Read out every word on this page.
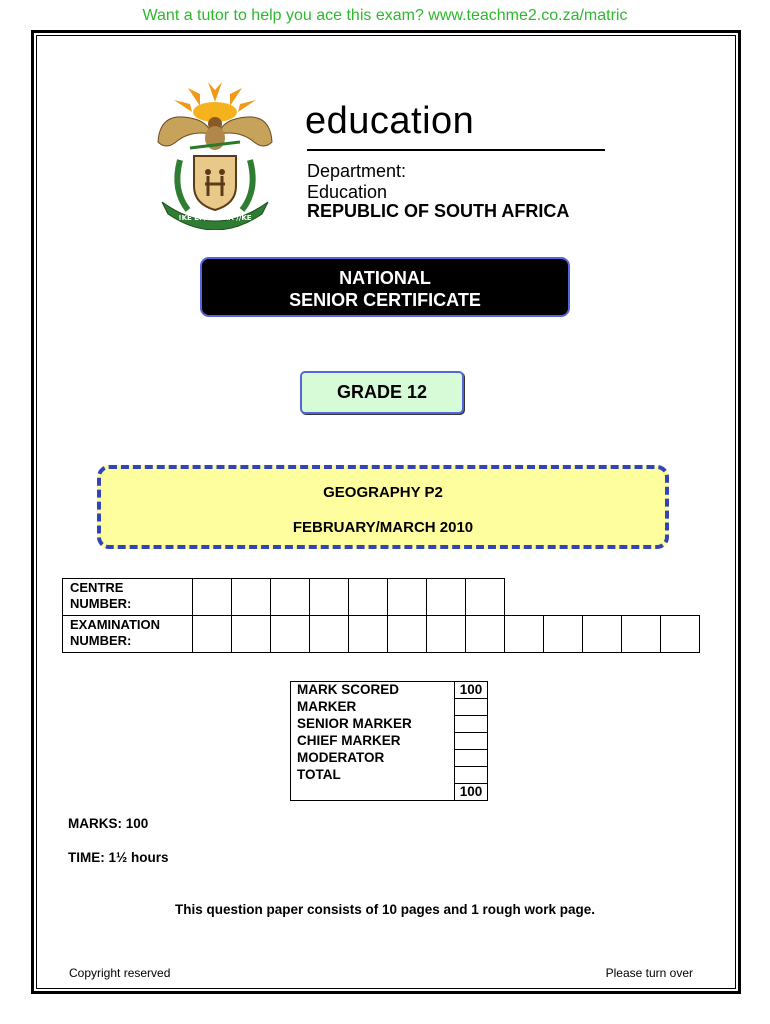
Want a tutor to help you ace this exam? www.teachme2.co.za/matric
!KE E: /XARRA //KE
education
Department:
Education
REPUBLIC OF SOUTH AFRICA
NATIONAL
SENIOR CERTIFICATE
GRADE 12
GEOGRAPHY P2
FEBRUARY/MARCH 2010
CENTRE
NUMBER:													

EXAMINATION
NUMBER:													

MARK SCORED	100
MARKER	
SENIOR MARKER	
CHIEF MARKER	
MODERATOR	
TOTAL	
	100
MARKS: 100
TIME: 1½ hours
This question paper consists of 10 pages and 1 rough work page.
Copyright reserved	Please turn over
